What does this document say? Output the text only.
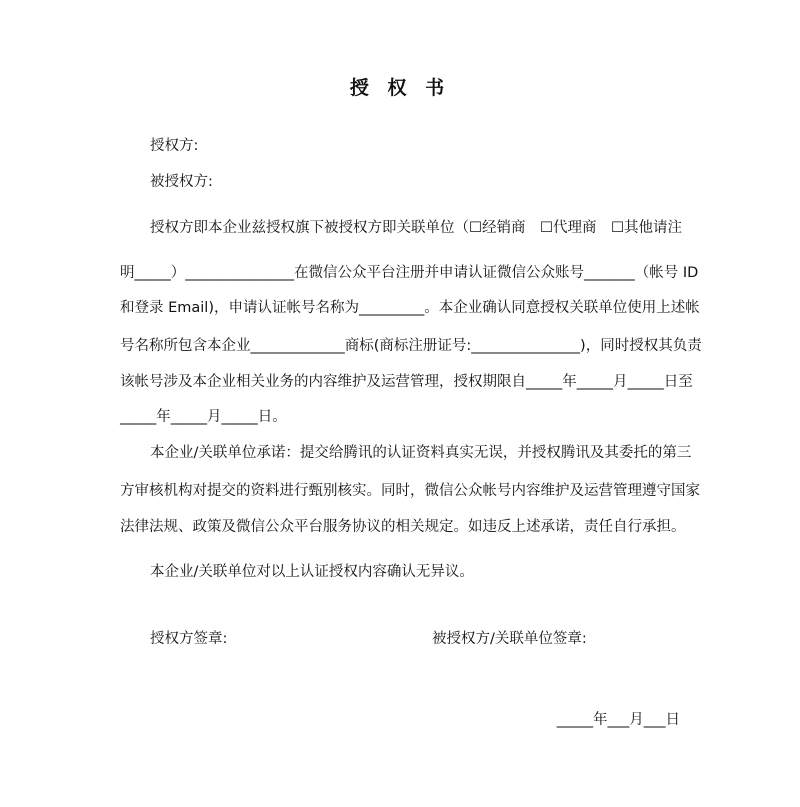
授 权 书
授权方:
被授权方:
授权方即本企业兹授权旗下被授权方即关联单位（☐经销商　☐代理商　☐其他请注
明_____）_______________在微信公众平台注册并申请认证微信公众账号_______（帐号 ID
和登录 Email)，申请认证帐号名称为_________。本企业确认同意授权关联单位使用上述帐
号名称所包含本企业_____________商标(商标注册证号:_______________)，同时授权其负责
该帐号涉及本企业相关业务的内容维护及运营管理，授权期限自_____年_____月_____日至
_____年_____月_____日。
本企业/关联单位承诺：提交给腾讯的认证资料真实无误，并授权腾讯及其委托的第三
方审核机构对提交的资料进行甄别核实。同时，微信公众帐号内容维护及运营管理遵守国家
法律法规、政策及微信公众平台服务协议的相关规定。如违反上述承诺，责任自行承担。
本企业/关联单位对以上认证授权内容确认无异议。
授权方签章:	被授权方/关联单位签章:
_____年___月___日
